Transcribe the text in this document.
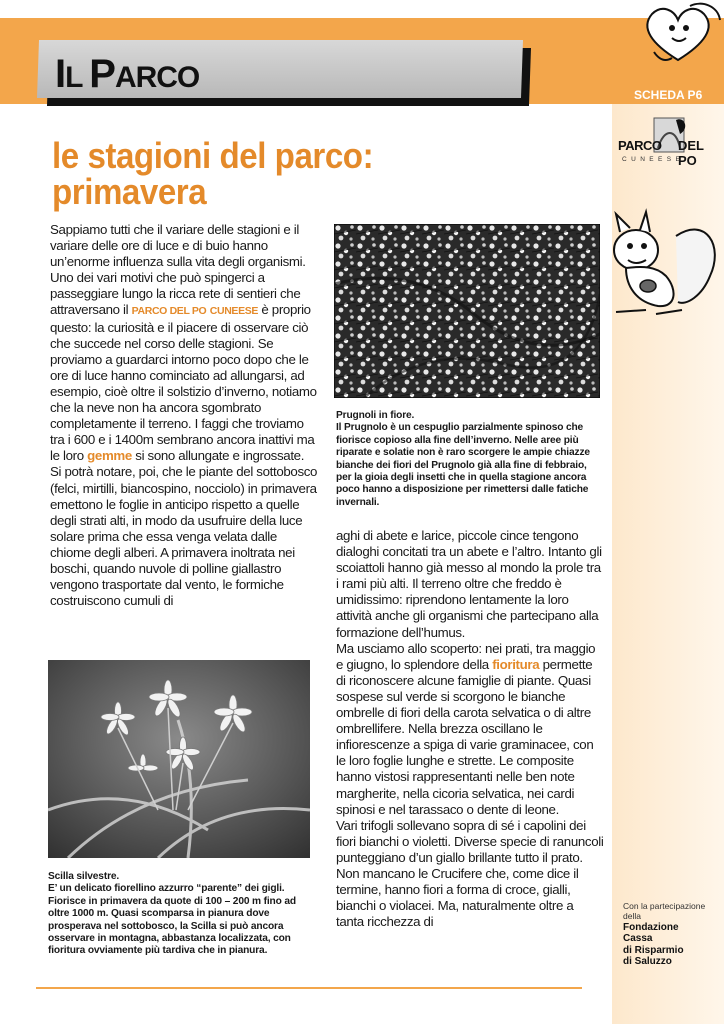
IL PARCO
SCHEDA P6
PARCO DEL PO
CUNEESE
le stagioni del parco:
primavera
Sappiamo tutti che il variare delle stagioni e il variare delle ore di luce e di buio hanno un’enorme influenza sulla vita degli organismi. Uno dei vari motivi che può spingerci a passeggiare lungo la ricca rete di sentieri che attraversano il PARCO DEL PO CUNEESE è proprio questo: la curiosità e il piacere di osservare ciò che succede nel corso delle stagioni. Se proviamo a guardarci intorno poco dopo che le ore di luce hanno cominciato ad allungarsi, ad esempio, cioè oltre il solstizio d’inverno, notiamo che la neve non ha ancora sgombrato completamente il terreno. I faggi che troviamo tra i 600 e i 1400m sembrano ancora inattivi ma le loro gemme si sono allungate e ingrossate. Si potrà notare, poi, che le piante del sottobosco (felci, mirtilli, biancospino, nocciolo) in primavera emettono le foglie in anticipo rispetto a quelle degli strati alti, in modo da usufruire della luce solare prima che essa venga velata dalle chiome degli alberi. A primavera inoltrata nei boschi, quando nuvole di polline giallastro vengono trasportate dal vento, le formiche costruiscono cumuli di
Prugnoli in fiore.
Il Prugnolo è un cespuglio parzialmente spinoso che fiorisce copioso alla fine dell’inverno. Nelle aree più riparate e solatie non è raro scorgere le ampie chiazze bianche dei fiori del Prugnolo già alla fine di febbraio, per la gioia degli insetti che in quella stagione ancora poco hanno a disposizione per rimettersi dalle fatiche invernali.
aghi di abete e larice, piccole cince tengono dialoghi concitati tra un abete e l’altro. Intanto gli scoiattoli hanno già messo al mondo la prole tra i rami più alti. Il terreno oltre che freddo è umidissimo: riprendono lentamente la loro attività anche gli organismi che partecipano alla formazione dell’humus.
Ma usciamo allo scoperto: nei prati, tra maggio e giugno, lo splendore della fioritura permette di riconoscere alcune famiglie di piante. Quasi sospese sul verde si scorgono le bianche ombrelle di fiori della carota selvatica o di altre ombrellifere. Nella brezza oscillano le infiorescenze a spiga di varie graminacee, con le loro foglie lunghe e strette. Le composite hanno vistosi rappresentanti nelle ben note margherite, nella cicoria selvatica, nei cardi spinosi e nel tarassaco o dente di leone.
Vari trifogli sollevano sopra di sé i capolini dei fiori bianchi o violetti. Diverse specie di ranuncoli punteggiano d’un giallo brillante tutto il prato. Non mancano le Crucifere che, come dice il termine, hanno fiori a forma di croce, gialli, bianchi o violacei. Ma, naturalmente oltre a tanta ricchezza di
Scilla silvestre.
E’ un delicato fiorellino azzurro “parente” dei gigli. Fiorisce in primavera da quote di 100 – 200 m fino ad oltre 1000 m. Quasi scomparsa in pianura dove prosperava nel sottobosco, la Scilla si può ancora osservare in montagna, abbastanza localizzata, con fioritura ovviamente più tardiva che in pianura.
Con la partecipazione
della
Fondazione
Cassa
di Risparmio
di Saluzzo
